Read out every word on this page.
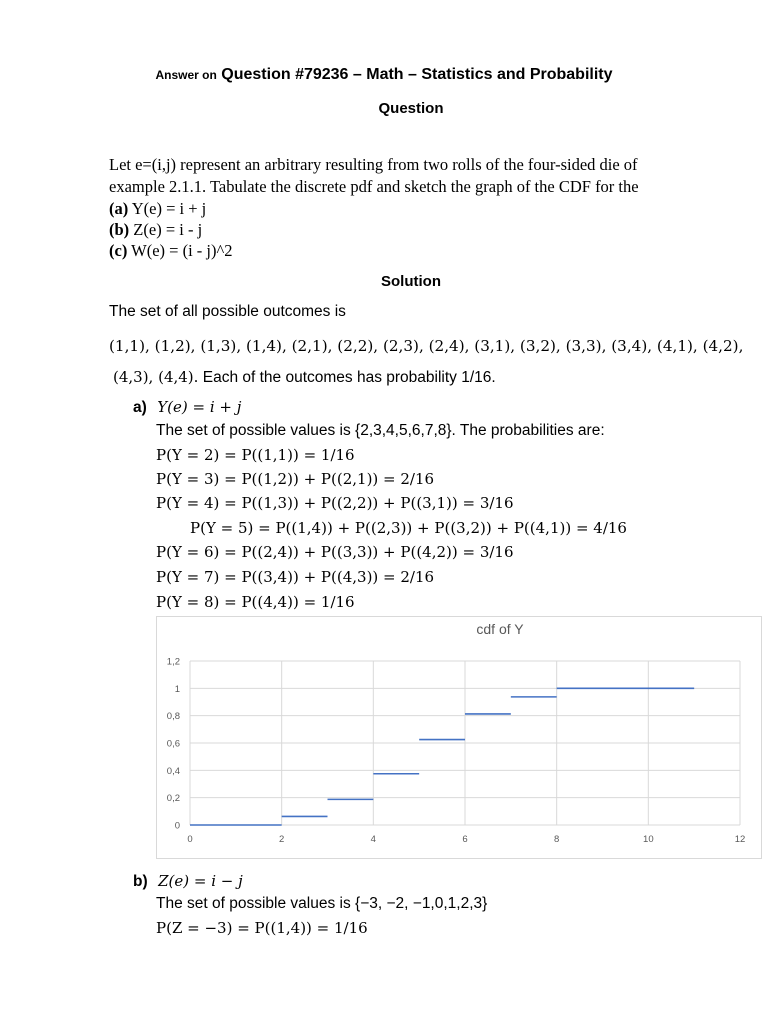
Answer on Question #79236 – Math – Statistics and Probability
Question
Let e=(i,j) represent an arbitrary resulting from two rolls of the four-sided die of
example 2.1.1. Tabulate the discrete pdf and sketch the graph of the CDF for the
(a) Y(e) = i + j
(b) Z(e) = i - j
(c) W(e) = (i - j)^2
Solution
The set of all possible outcomes is
(1,1), (1,2), (1,3), (1,4), (2,1), (2,2), (2,3), (2,4), (3,1), (3,2), (3,3), (3,4), (4,1), (4,2),
(4,3), (4,4). Each of the outcomes has probability 1/16.
a) Y(e) = i + j
The set of possible values is {2,3,4,5,6,7,8}. The probabilities are:
P(Y = 2) = P((1,1)) = 1/16
P(Y = 3) = P((1,2)) + P((2,1)) = 2/16
P(Y = 4) = P((1,3)) + P((2,2)) + P((3,1)) = 3/16
P(Y = 5) = P((1,4)) + P((2,3)) + P((3,2)) + P((4,1)) = 4/16
P(Y = 6) = P((2,4)) + P((3,3)) + P((4,2)) = 3/16
P(Y = 7) = P((3,4)) + P((4,3)) = 2/16
P(Y = 8) = P((4,4)) = 1/16
cdf of Y
0
0,2
0,4
0,6
0,8
1
1,2
0	2	4	6	8	10	12
b) Z(e) = i − j
The set of possible values is {−3, −2, −1,0,1,2,3}
P(Z = −3) = P((1,4)) = 1/16
